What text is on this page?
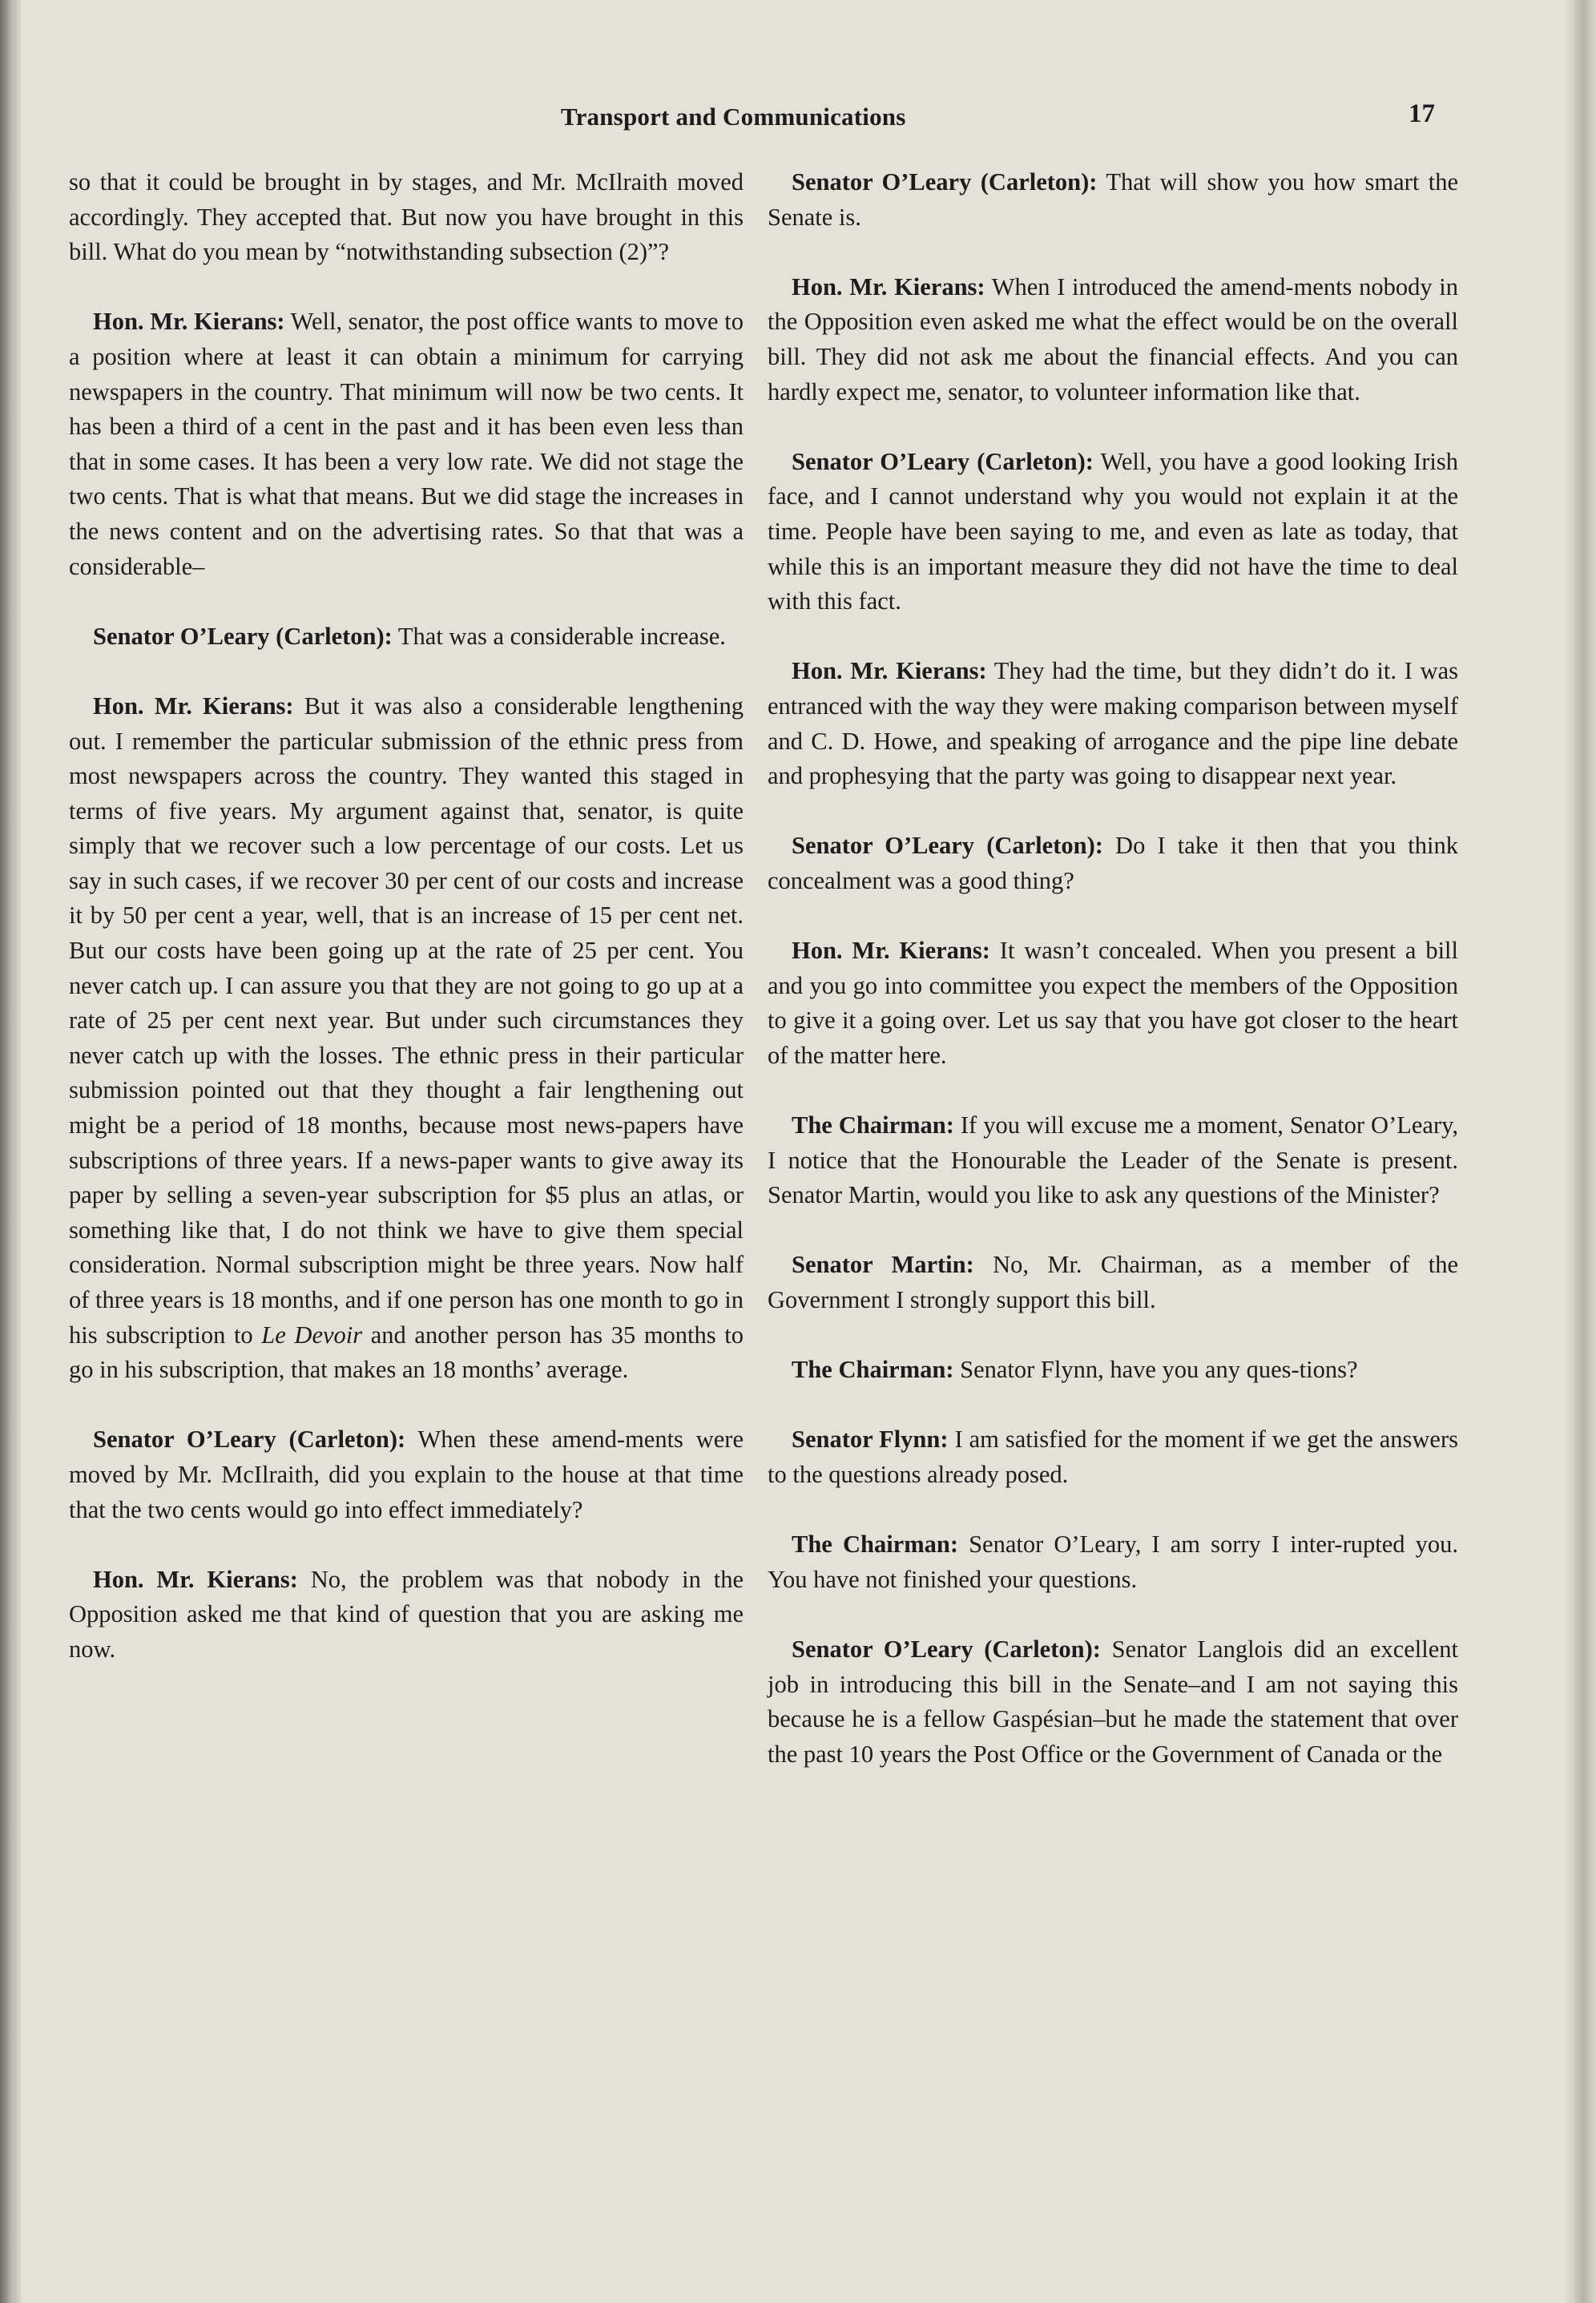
Transport and Communications	17

so that it could be brought in by stages, and Mr. McIlraith moved accordingly. They accepted that. But now you have brought in this bill. What do you mean by “notwithstanding subsection (2)”?

Hon. Mr. Kierans: Well, senator, the post office wants to move to a position where at least it can obtain a minimum for carrying newspapers in the country. That minimum will now be two cents. It has been a third of a cent in the past and it has been even less than that in some cases. It has been a very low rate. We did not stage the two cents. That is what that means. But we did stage the increases in the news content and on the advertising rates. So that that was a considerable–

Senator O’Leary (Carleton): That was a considerable increase.

Hon. Mr. Kierans: But it was also a considerable lengthening out. I remember the particular submission of the ethnic press from most newspapers across the country. They wanted this staged in terms of five years. My argument against that, senator, is quite simply that we recover such a low percentage of our costs. Let us say in such cases, if we recover 30 per cent of our costs and increase it by 50 per cent a year, well, that is an increase of 15 per cent net. But our costs have been going up at the rate of 25 per cent. You never catch up. I can assure you that they are not going to go up at a rate of 25 per cent next year. But under such circumstances they never catch up with the losses. The ethnic press in their particular submission pointed out that they thought a fair lengthening out might be a period of 18 months, because most news-papers have subscriptions of three years. If a news-paper wants to give away its paper by selling a seven-year subscription for $5 plus an atlas, or something like that, I do not think we have to give them special consideration. Normal subscription might be three years. Now half of three years is 18 months, and if one person has one month to go in his subscription to Le Devoir and another person has 35 months to go in his subscription, that makes an 18 months’ average.

Senator O’Leary (Carleton): When these amend-ments were moved by Mr. McIlraith, did you explain to the house at that time that the two cents would go into effect immediately?

Hon. Mr. Kierans: No, the problem was that nobody in the Opposition asked me that kind of question that you are asking me now.

Senator O’Leary (Carleton): That will show you how smart the Senate is.

Hon. Mr. Kierans: When I introduced the amend-ments nobody in the Opposition even asked me what the effect would be on the overall bill. They did not ask me about the financial effects. And you can hardly expect me, senator, to volunteer information like that.

Senator O’Leary (Carleton): Well, you have a good looking Irish face, and I cannot understand why you would not explain it at the time. People have been saying to me, and even as late as today, that while this is an important measure they did not have the time to deal with this fact.

Hon. Mr. Kierans: They had the time, but they didn’t do it. I was entranced with the way they were making comparison between myself and C. D. Howe, and speaking of arrogance and the pipe line debate and prophesying that the party was going to disappear next year.

Senator O’Leary (Carleton): Do I take it then that you think concealment was a good thing?

Hon. Mr. Kierans: It wasn’t concealed. When you present a bill and you go into committee you expect the members of the Opposition to give it a going over. Let us say that you have got closer to the heart of the matter here.

The Chairman: If you will excuse me a moment, Senator O’Leary, I notice that the Honourable the Leader of the Senate is present. Senator Martin, would you like to ask any questions of the Minister?

Senator Martin: No, Mr. Chairman, as a member of the Government I strongly support this bill.

The Chairman: Senator Flynn, have you any ques-tions?

Senator Flynn: I am satisfied for the moment if we get the answers to the questions already posed.

The Chairman: Senator O’Leary, I am sorry I inter-rupted you. You have not finished your questions.

Senator O’Leary (Carleton): Senator Langlois did an excellent job in introducing this bill in the Senate–and I am not saying this because he is a fellow Gaspésian–but he made the statement that over the past 10 years the Post Office or the Government of Canada or the
